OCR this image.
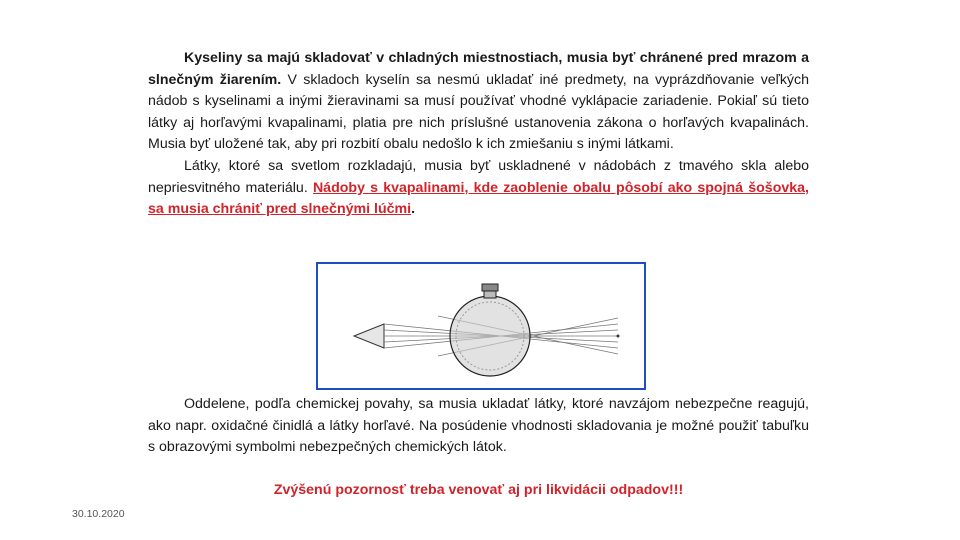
Kyseliny sa majú skladovať v chladných miestnostiach, musia byť chránené pred mrazom a slnečným žiarením. V skladoch kyselín sa nesmú ukladať iné predmety, na vyprázdňovanie veľkých nádob s kyselinami a inými žieravinami sa musí používať vhodné vyklápacie zariadenie. Pokiaľ sú tieto látky aj horľavými kvapalinami, platia pre nich príslušné ustanovenia zákona o horľavých kvapalinách. Musia byť uložené tak, aby pri rozbití obalu nedošlo k ich zmiešaniu s inými látkami.
Látky, ktoré sa svetlom rozkladajú, musia byť uskladnené v nádobách z tmavého skla alebo nepriesvitného materiálu. Nádoby s kvapalinami, kde zaoblenie obalu pôsobí ako spojná šošovka, sa musia chrániť pred slnečnými lúčmi.
Oddelene, podľa chemickej povahy, sa musia ukladať látky, ktoré navzájom nebezpečne reagujú, ako napr. oxidačné činidlá a látky horľavé. Na posúdenie vhodnosti skladovania je možné použiť tabuľku s obrazovými symbolmi nebezpečných chemických látok.
Zvýšenú pozornosť treba venovať aj pri likvidácii odpadov!!!
30.10.2020
